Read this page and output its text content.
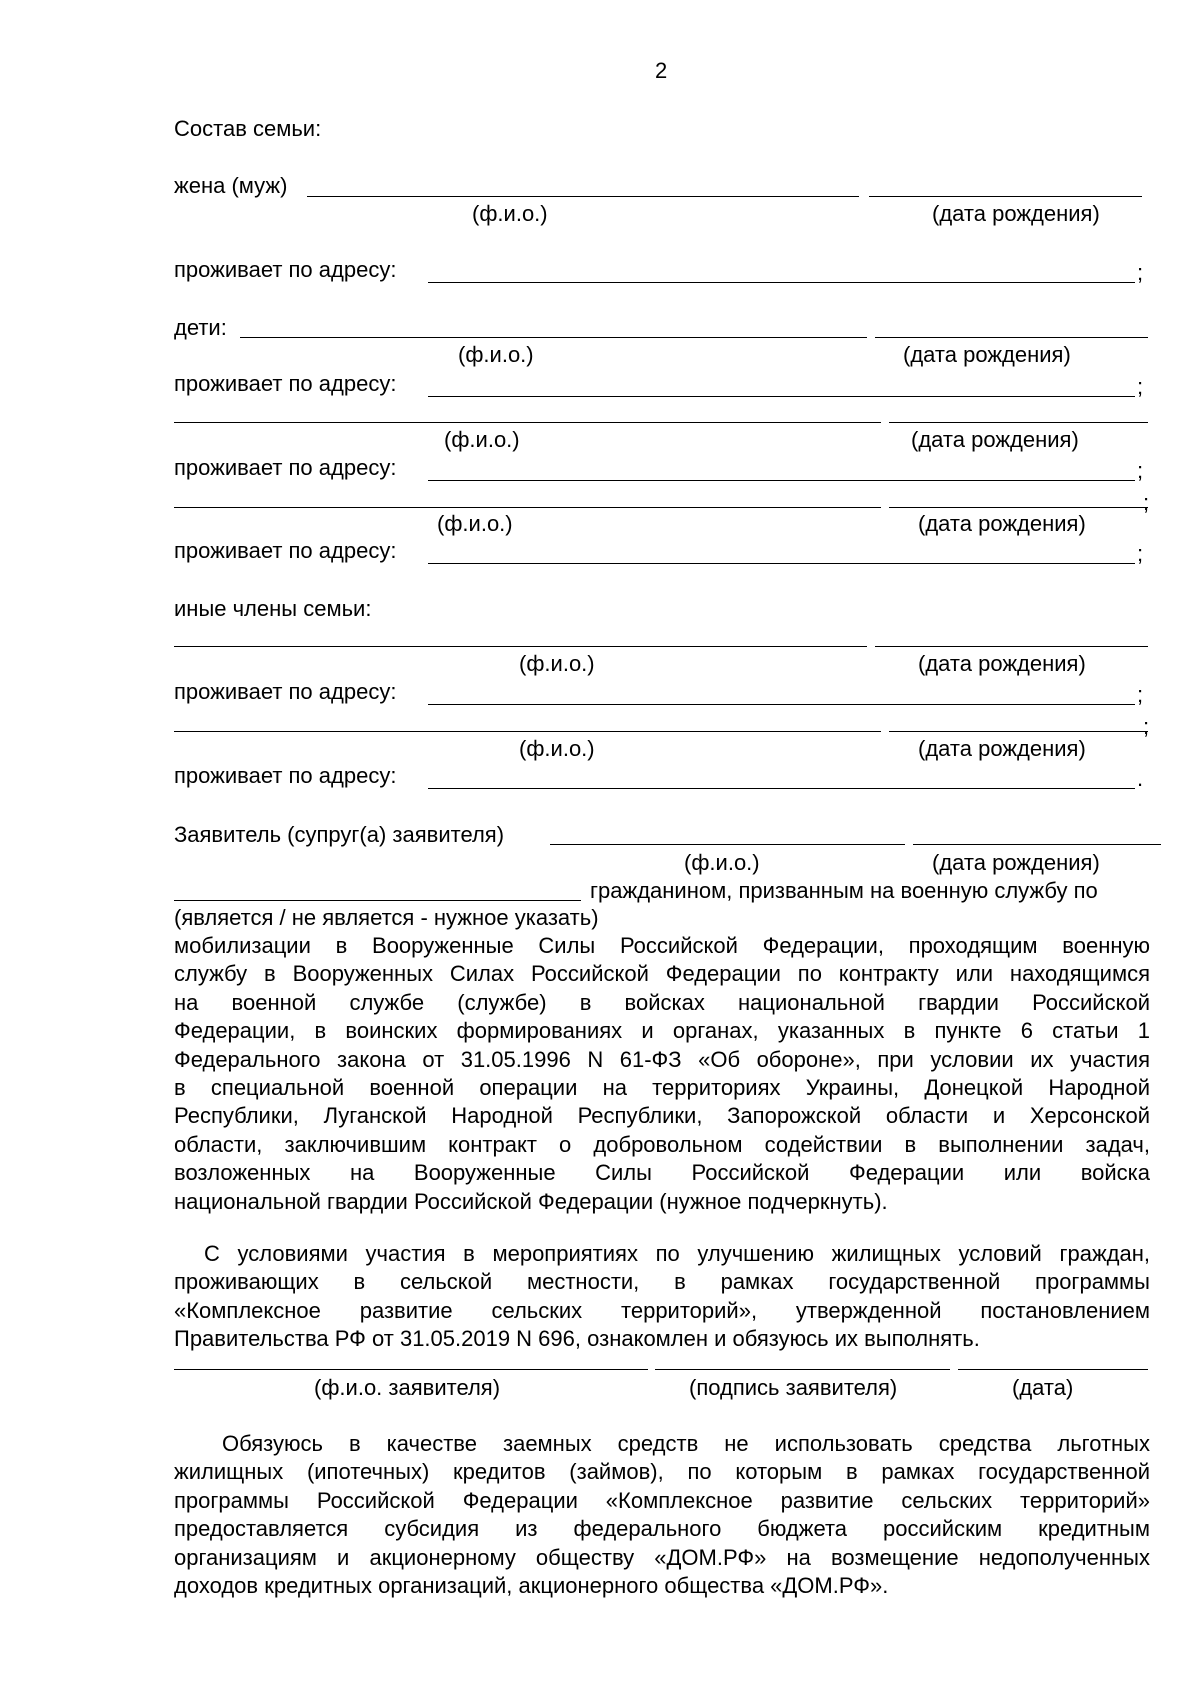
2
Состав семьи:
жена (муж)
(ф.и.о.)	(дата рождения)
проживает по адресу:	;
дети:
(ф.и.о.)	(дата рождения)
проживает по адресу:	;
(ф.и.о.)	(дата рождения)
проживает по адресу:	;
;
(ф.и.о.)	(дата рождения)
проживает по адресу:	;
иные члены семьи:
(ф.и.о.)	(дата рождения)
проживает по адресу:	;
;
(ф.и.о.)	(дата рождения)
проживает по адресу:	.
Заявитель (супруг(а) заявителя)
(ф.и.о.)	(дата рождения)
гражданином, призванным на военную службу по
(является / не является - нужное указать)
мобилизации в Вооруженные Силы Российской Федерации, проходящим военную
службу в Вооруженных Силах Российской Федерации по контракту или находящимся
на военной службе (службе) в войсках национальной гвардии Российской
Федерации, в воинских формированиях и органах, указанных в пункте 6 статьи 1
Федерального закона от 31.05.1996 N 61-ФЗ «Об обороне», при условии их участия
в специальной военной операции на территориях Украины, Донецкой Народной
Республики, Луганской Народной Республики, Запорожской области и Херсонской
области, заключившим контракт о добровольном содействии в выполнении задач,
возложенных на Вооруженные Силы Российской Федерации или войска
национальной гвардии Российской Федерации (нужное подчеркнуть).
С условиями участия в мероприятиях по улучшению жилищных условий граждан,
проживающих в сельской местности, в рамках государственной программы
«Комплексное развитие сельских территорий», утвержденной постановлением
Правительства РФ от 31.05.2019 N 696, ознакомлен и обязуюсь их выполнять.
(ф.и.о. заявителя)	(подпись заявителя)	(дата)
Обязуюсь в качестве заемных средств не использовать средства льготных
жилищных (ипотечных) кредитов (займов), по которым в рамках государственной
программы Российской Федерации «Комплексное развитие сельских территорий»
предоставляется субсидия из федерального бюджета российским кредитным
организациям и акционерному обществу «ДОМ.РФ» на возмещение недополученных
доходов кредитных организаций, акционерного общества «ДОМ.РФ».
